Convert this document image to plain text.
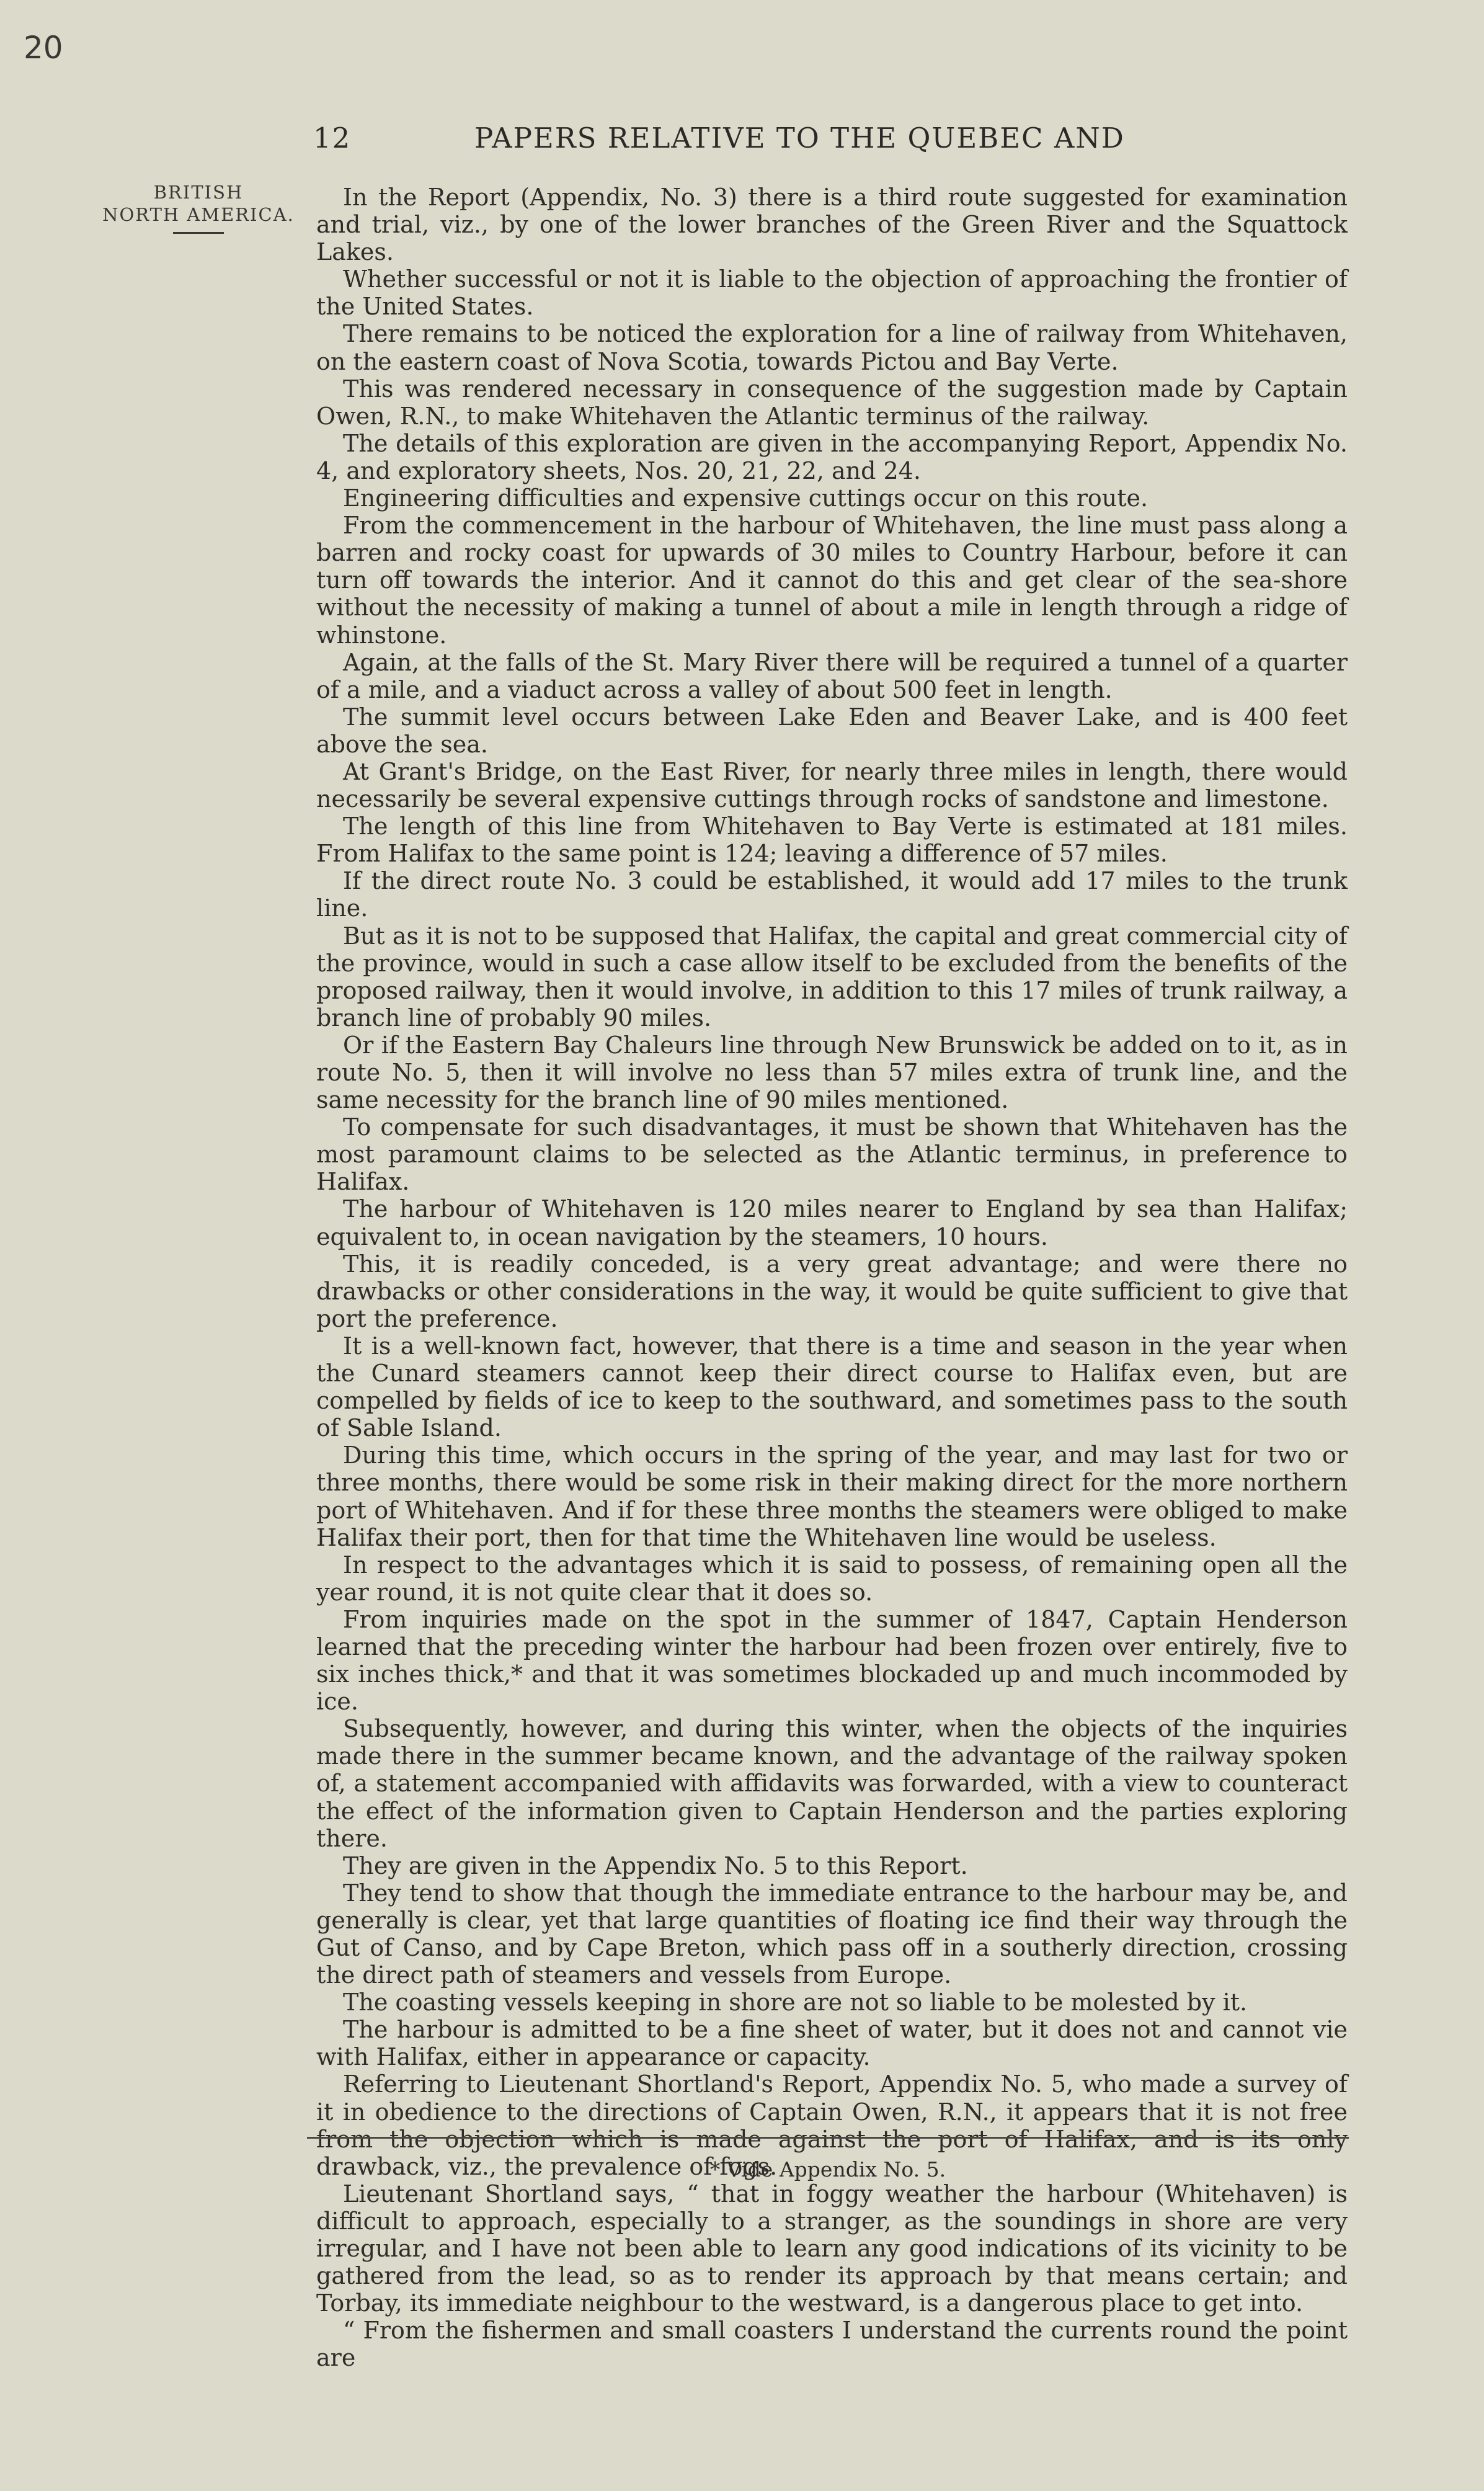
20
12	PAPERS RELATIVE TO THE QUEBEC AND
BRITISH
NORTH AMERICA.

In the Report (Appendix, No. 3) there is a third route suggested for examination and trial, viz., by one of the lower branches of the Green River and the Squattock Lakes.

Whether successful or not it is liable to the objection of approaching the frontier of the United States.

There remains to be noticed the exploration for a line of railway from Whitehaven, on the eastern coast of Nova Scotia, towards Pictou and Bay Verte.

This was rendered necessary in consequence of the suggestion made by Captain Owen, R.N., to make Whitehaven the Atlantic terminus of the railway.

The details of this exploration are given in the accompanying Report, Appendix No. 4, and exploratory sheets, Nos. 20, 21, 22, and 24.

Engineering difficulties and expensive cuttings occur on this route.

From the commencement in the harbour of Whitehaven, the line must pass along a barren and rocky coast for upwards of 30 miles to Country Harbour, before it can turn off towards the interior. And it cannot do this and get clear of the sea-shore without the necessity of making a tunnel of about a mile in length through a ridge of whinstone.

Again, at the falls of the St. Mary River there will be required a tunnel of a quarter of a mile, and a viaduct across a valley of about 500 feet in length.

The summit level occurs between Lake Eden and Beaver Lake, and is 400 feet above the sea.

At Grant's Bridge, on the East River, for nearly three miles in length, there would necessarily be several expensive cuttings through rocks of sandstone and limestone.

The length of this line from Whitehaven to Bay Verte is estimated at 181 miles. From Halifax to the same point is 124; leaving a difference of 57 miles.

If the direct route No. 3 could be established, it would add 17 miles to the trunk line.

But as it is not to be supposed that Halifax, the capital and great commercial city of the province, would in such a case allow itself to be excluded from the benefits of the proposed railway, then it would involve, in addition to this 17 miles of trunk railway, a branch line of probably 90 miles.

Or if the Eastern Bay Chaleurs line through New Brunswick be added on to it, as in route No. 5, then it will involve no less than 57 miles extra of trunk line, and the same necessity for the branch line of 90 miles mentioned.

To compensate for such disadvantages, it must be shown that Whitehaven has the most paramount claims to be selected as the Atlantic terminus, in preference to Halifax.

The harbour of Whitehaven is 120 miles nearer to England by sea than Halifax; equivalent to, in ocean navigation by the steamers, 10 hours.

This, it is readily conceded, is a very great advantage; and were there no drawbacks or other considerations in the way, it would be quite sufficient to give that port the preference.

It is a well-known fact, however, that there is a time and season in the year when the Cunard steamers cannot keep their direct course to Halifax even, but are compelled by fields of ice to keep to the southward, and sometimes pass to the south of Sable Island.

During this time, which occurs in the spring of the year, and may last for two or three months, there would be some risk in their making direct for the more northern port of Whitehaven. And if for these three months the steamers were obliged to make Halifax their port, then for that time the Whitehaven line would be useless.

In respect to the advantages which it is said to possess, of remaining open all the year round, it is not quite clear that it does so.

From inquiries made on the spot in the summer of 1847, Captain Henderson learned that the preceding winter the harbour had been frozen over entirely, five to six inches thick,* and that it was sometimes blockaded up and much incommoded by ice.

Subsequently, however, and during this winter, when the objects of the inquiries made there in the summer became known, and the advantage of the railway spoken of, a statement accompanied with affidavits was forwarded, with a view to counteract the effect of the information given to Captain Henderson and the parties exploring there.

They are given in the Appendix No. 5 to this Report.

They tend to show that though the immediate entrance to the harbour may be, and generally is clear, yet that large quantities of floating ice find their way through the Gut of Canso, and by Cape Breton, which pass off in a southerly direction, crossing the direct path of steamers and vessels from Europe.

The coasting vessels keeping in shore are not so liable to be molested by it.

The harbour is admitted to be a fine sheet of water, but it does not and cannot vie with Halifax, either in appearance or capacity.

Referring to Lieutenant Shortland's Report, Appendix No. 5, who made a survey of it in obedience to the directions of Captain Owen, R.N., it appears that it is not free from the objection which is made against the port of Halifax, and is its only drawback, viz., the prevalence of fogs.

Lieutenant Shortland says, “ that in foggy weather the harbour (Whitehaven) is difficult to approach, especially to a stranger, as the soundings in shore are very irregular, and I have not been able to learn any good indications of its vicinity to be gathered from the lead, so as to render its approach by that means certain; and Torbay, its immediate neighbour to the westward, is a dangerous place to get into.

“ From the fishermen and small coasters I understand the currents round the point are

* Vide Appendix No. 5.
